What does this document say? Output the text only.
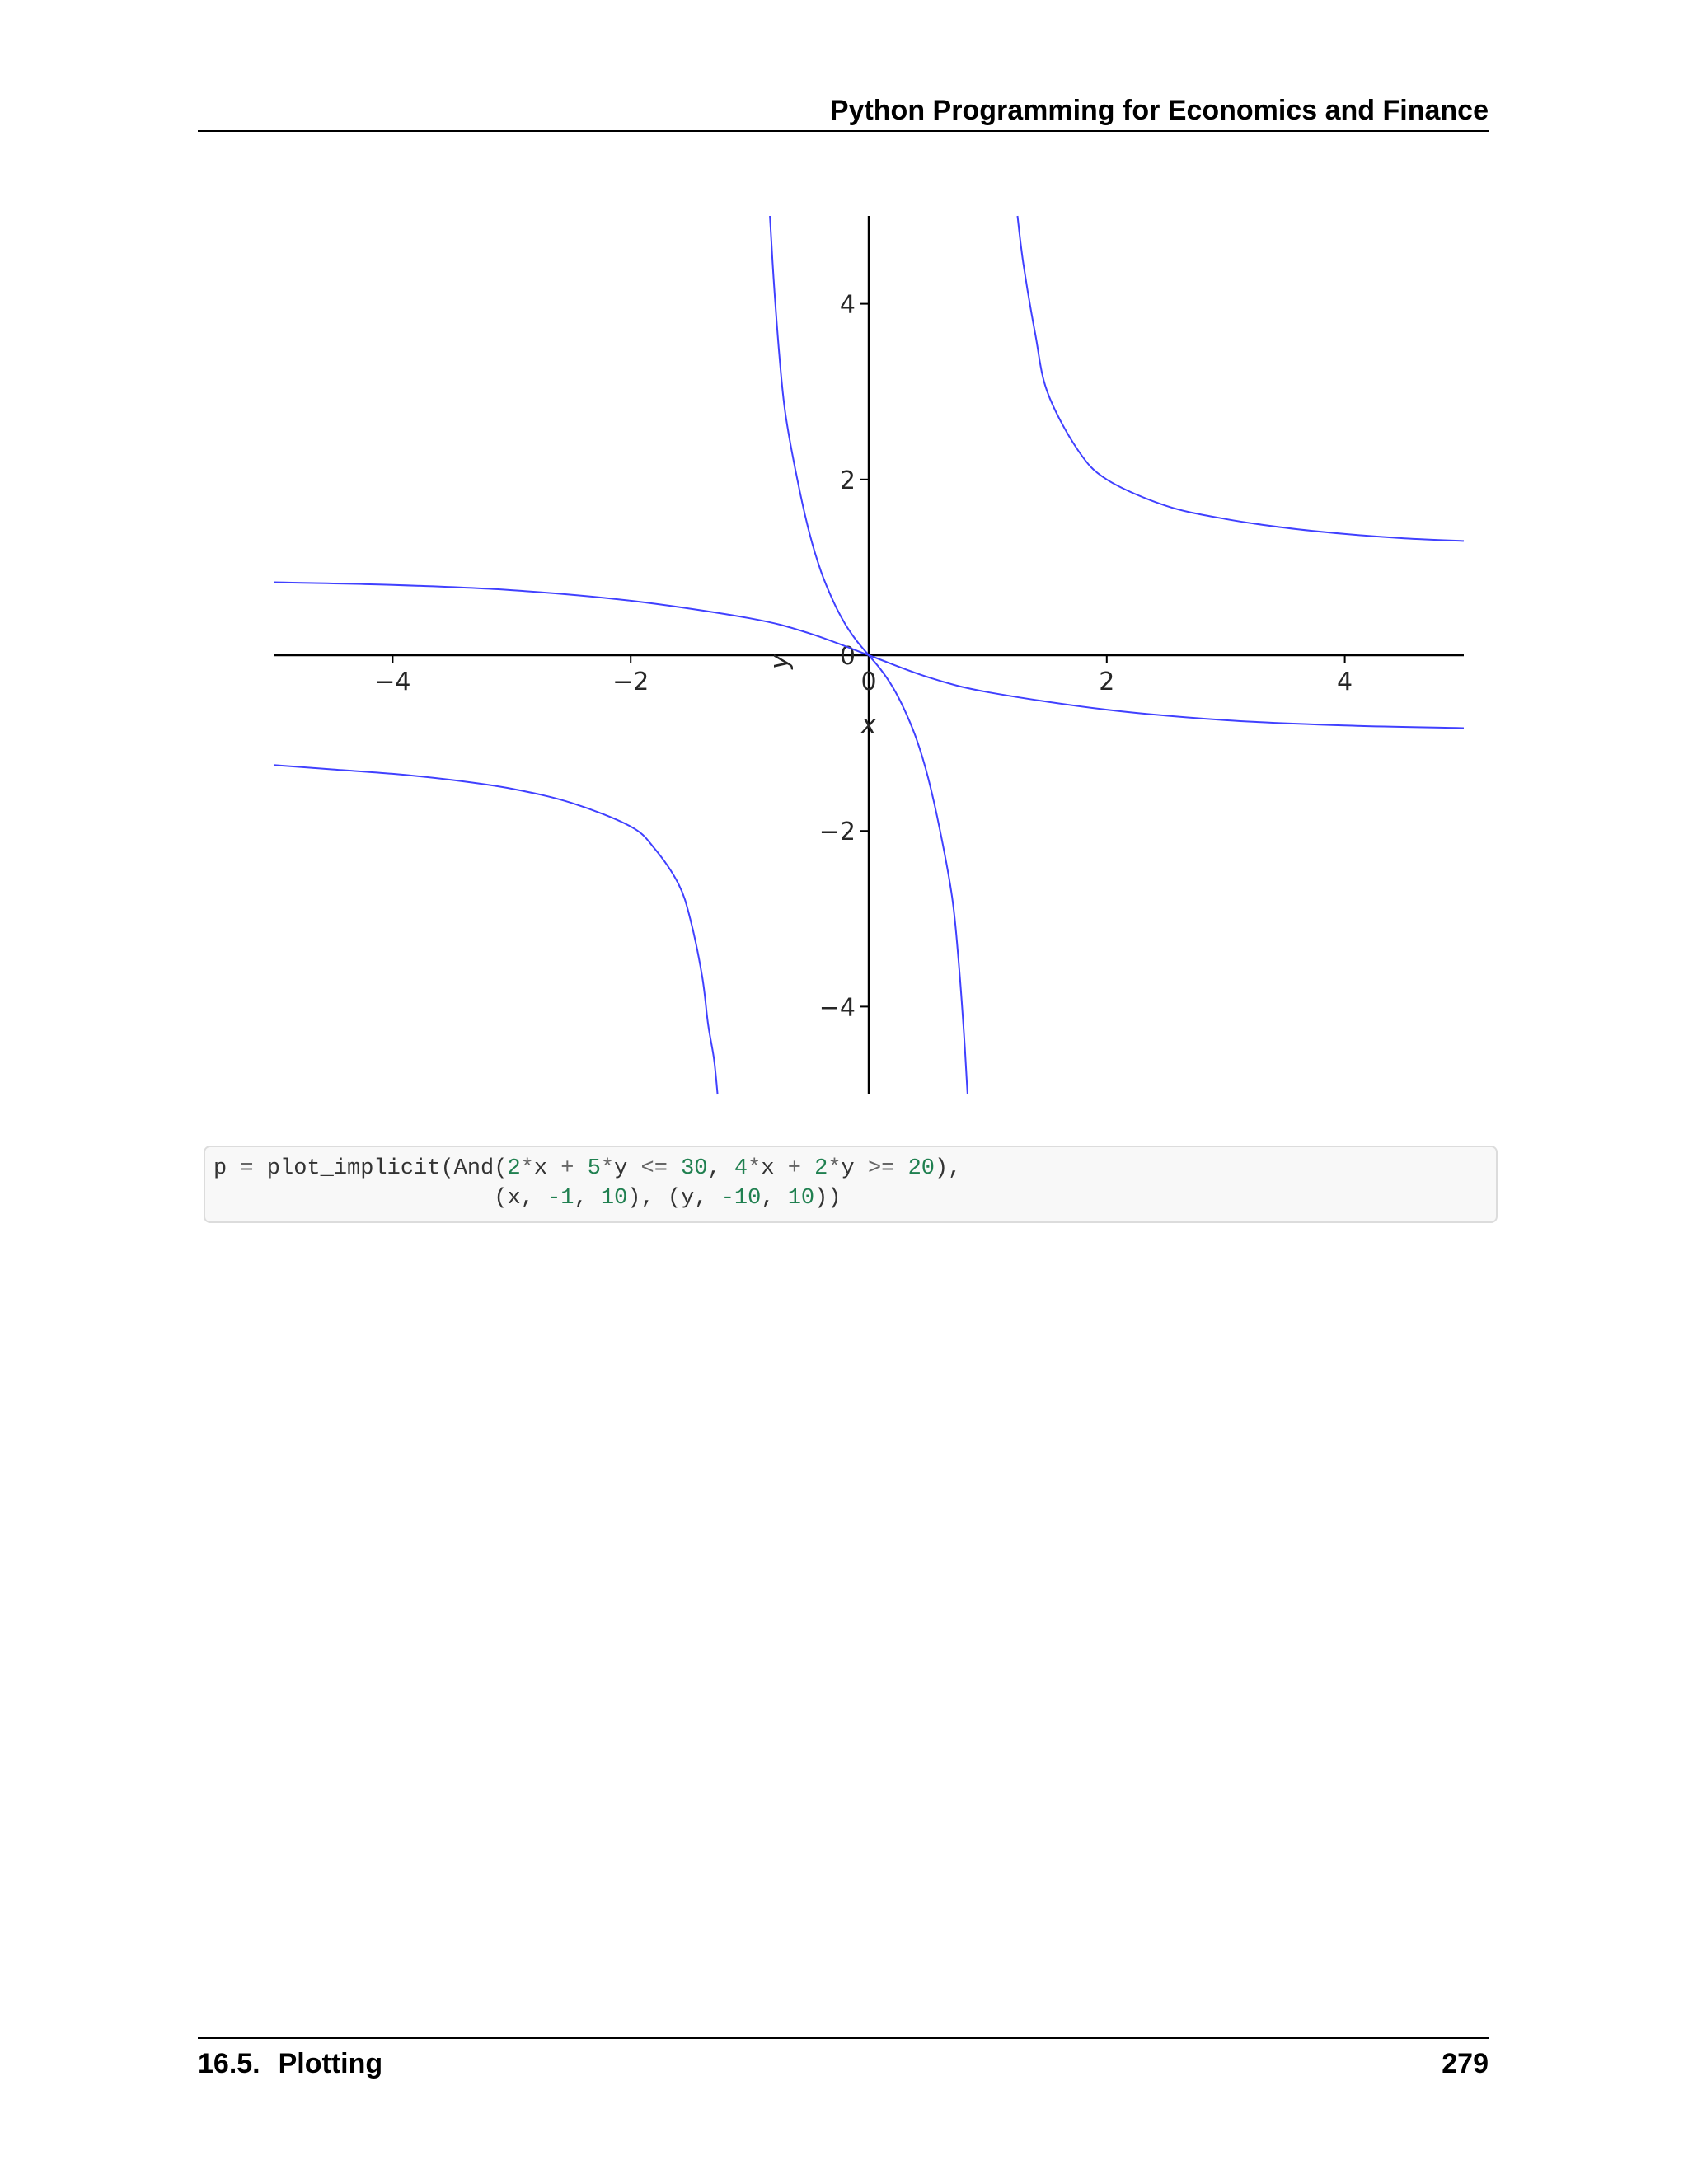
Python Programming for Economics and Finance
−4	−2	0	2	4
4
2
0
−2
−4
x
y
p = plot_implicit(And(2*x + 5*y <= 30, 4*x + 2*y >= 20),
(x, -1, 10), (y, -10, 10))
16.5. Plotting	279
